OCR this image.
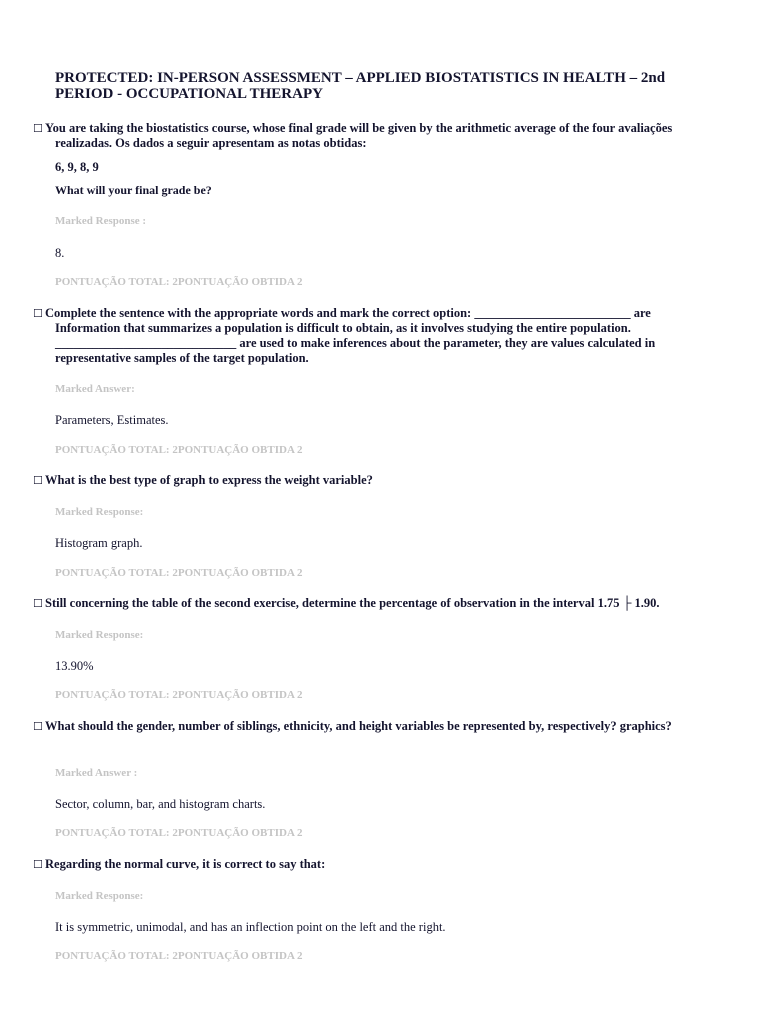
PROTECTED: IN-PERSON ASSESSMENT – APPLIED BIOSTATISTICS IN HEALTH – 2nd PERIOD - OCCUPATIONAL THERAPY

☐ You are taking the biostatistics course, whose final grade will be given by the arithmetic average of the four avaliações realizadas. Os dados a seguir apresentam as notas obtidas:

6, 9, 8, 9

What will your final grade be?

Marked Response :

8.

PONTUAÇÃO TOTAL: 2PONTUAÇÃO OBTIDA 2

☐ Complete the sentence with the appropriate words and mark the correct option: _________________________ are Information that summarizes a population is difficult to obtain, as it involves studying the entire population. _____________________________ are used to make inferences about the parameter, they are values calculated in representative samples of the target population.

Marked Answer:

Parameters, Estimates.

PONTUAÇÃO TOTAL: 2PONTUAÇÃO OBTIDA 2

☐ What is the best type of graph to express the weight variable?

Marked Response:

Histogram graph.

PONTUAÇÃO TOTAL: 2PONTUAÇÃO OBTIDA 2

☐ Still concerning the table of the second exercise, determine the percentage of observation in the interval 1.75 ├ 1.90.

Marked Response:

13.90%

PONTUAÇÃO TOTAL: 2PONTUAÇÃO OBTIDA 2

☐ What should the gender, number of siblings, ethnicity, and height variables be represented by, respectively? graphics?

Marked Answer :

Sector, column, bar, and histogram charts.

PONTUAÇÃO TOTAL: 2PONTUAÇÃO OBTIDA 2

☐ Regarding the normal curve, it is correct to say that:

Marked Response:

It is symmetric, unimodal, and has an inflection point on the left and the right.

PONTUAÇÃO TOTAL: 2PONTUAÇÃO OBTIDA 2
